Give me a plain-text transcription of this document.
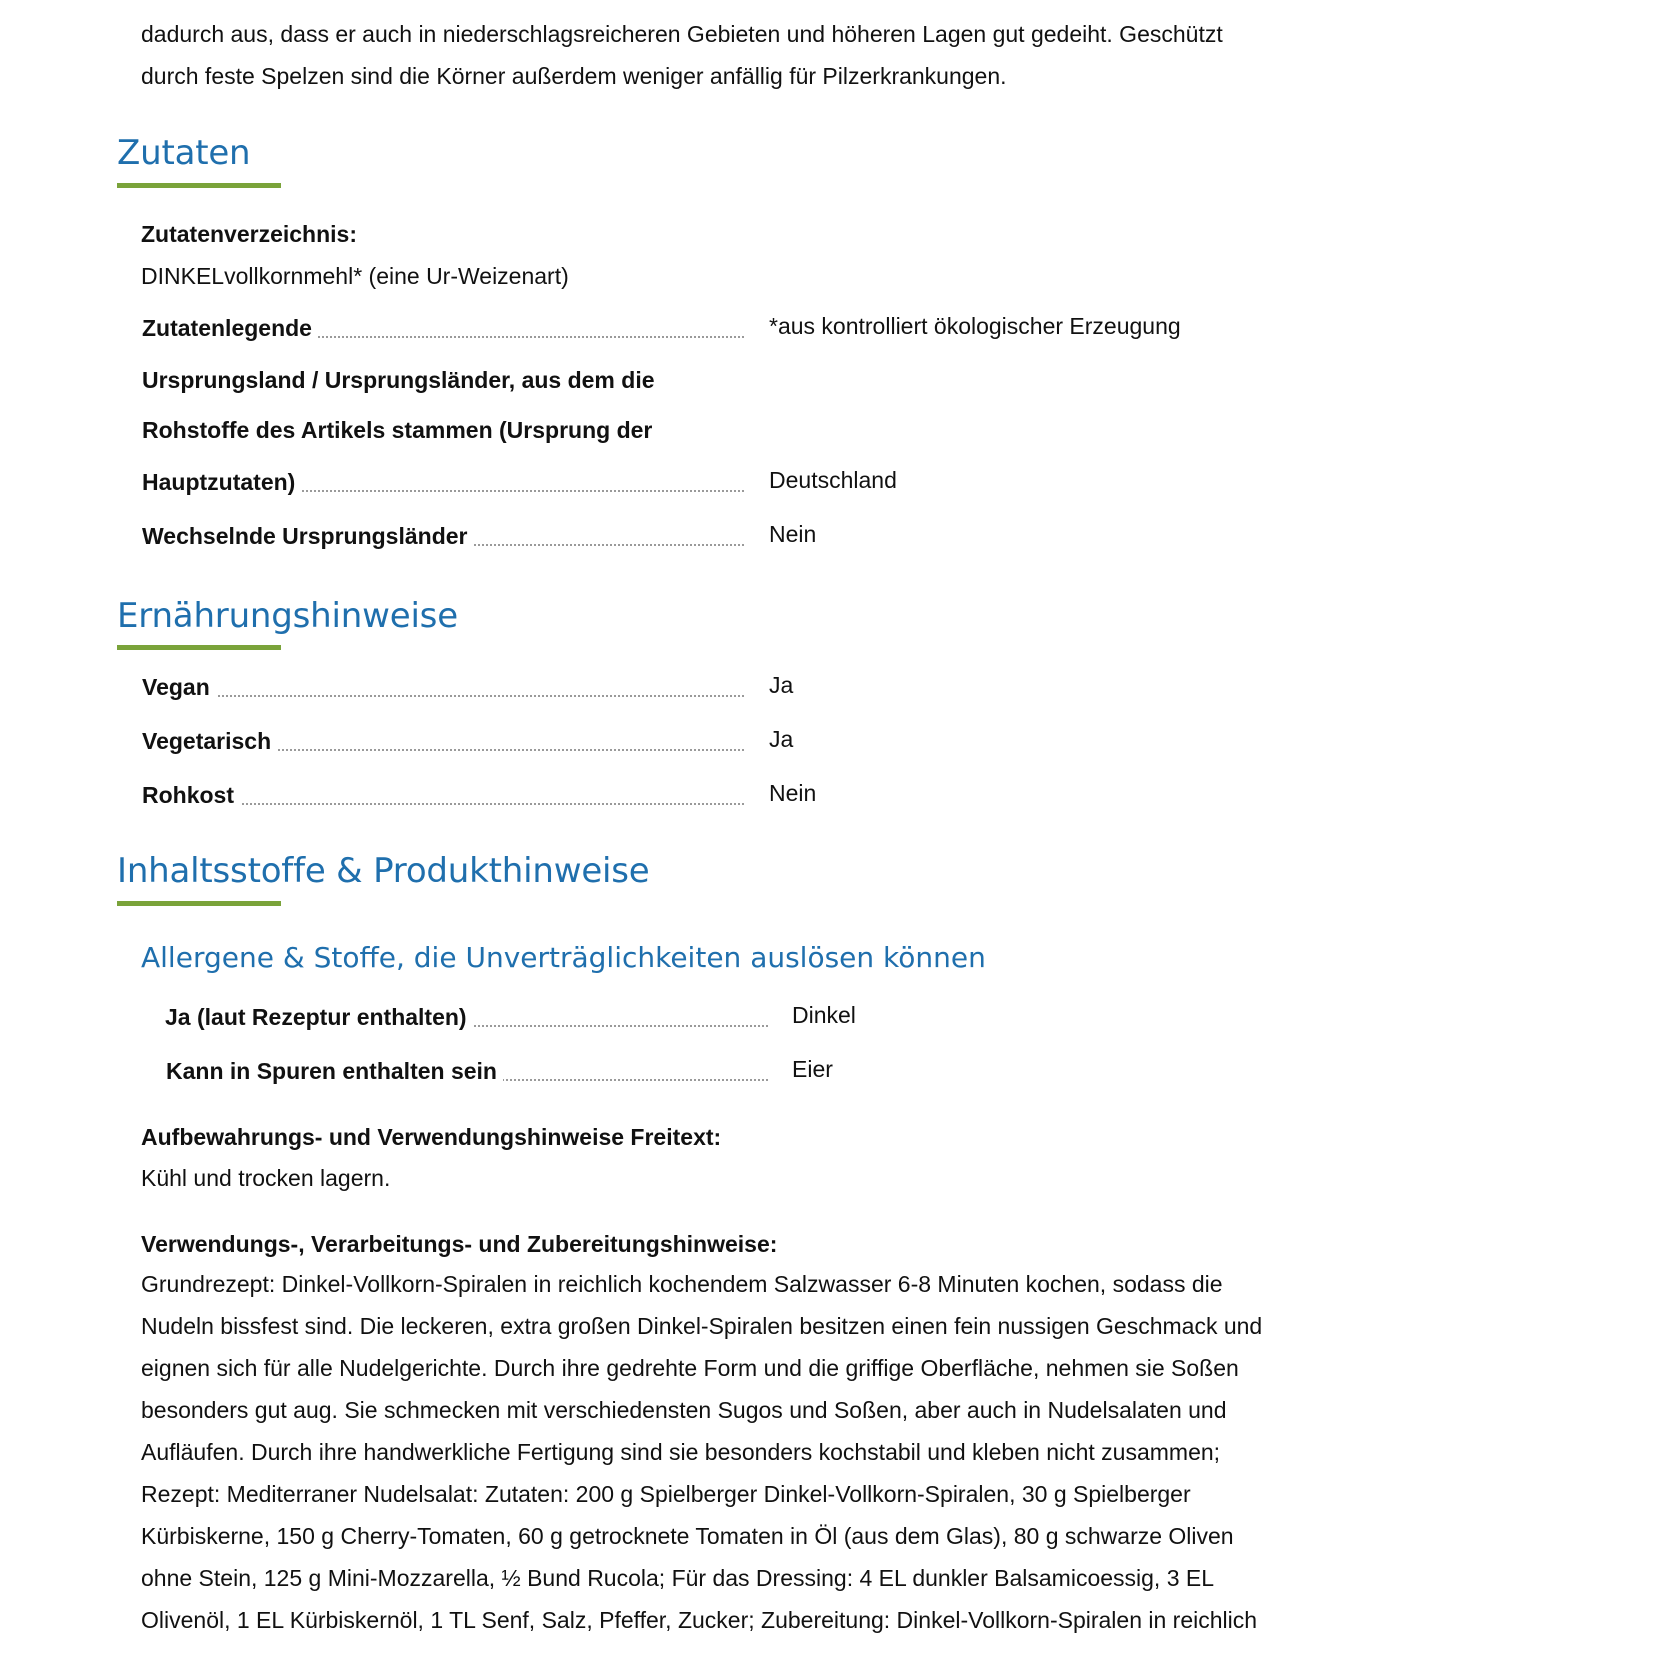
dadurch aus, dass er auch in niederschlagsreicheren Gebieten und höheren Lagen gut gedeiht. Geschützt
durch feste Spelzen sind die Körner außerdem weniger anfällig für Pilzerkrankungen.

Zutaten
Zutatenverzeichnis:
DINKELvollkornmehl* (eine Ur-Weizenart)
Zutatenlegende	*aus kontrolliert ökologischer Erzeugung
Ursprungsland / Ursprungsländer, aus dem die
Rohstoffe des Artikels stammen (Ursprung der
Hauptzutaten)	Deutschland
Wechselnde Ursprungsländer	Nein
Ernährungshinweise
Vegan	Ja
Vegetarisch	Ja
Rohkost	Nein
Inhaltsstoffe & Produkthinweise
Allergene & Stoffe, die Unverträglichkeiten auslösen können
Ja (laut Rezeptur enthalten)	Dinkel
Kann in Spuren enthalten sein	Eier
Aufbewahrungs- und Verwendungshinweise Freitext:
Kühl und trocken lagern.
Verwendungs-, Verarbeitungs- und Zubereitungshinweise:
Grundrezept: Dinkel-Vollkorn-Spiralen in reichlich kochendem Salzwasser 6-8 Minuten kochen, sodass die
Nudeln bissfest sind. Die leckeren, extra großen Dinkel-Spiralen besitzen einen fein nussigen Geschmack und
eignen sich für alle Nudelgerichte. Durch ihre gedrehte Form und die griffige Oberfläche, nehmen sie Soßen
besonders gut aug. Sie schmecken mit verschiedensten Sugos und Soßen, aber auch in Nudelsalaten und
Aufläufen. Durch ihre handwerkliche Fertigung sind sie besonders kochstabil und kleben nicht zusammen;
Rezept: Mediterraner Nudelsalat: Zutaten: 200 g Spielberger Dinkel-Vollkorn-Spiralen, 30 g Spielberger
Kürbiskerne, 150 g Cherry-Tomaten, 60 g getrocknete Tomaten in Öl (aus dem Glas), 80 g schwarze Oliven
ohne Stein, 125 g Mini-Mozzarella, ½ Bund Rucola; Für das Dressing: 4 EL dunkler Balsamicoessig, 3 EL
Olivenöl, 1 EL Kürbiskernöl, 1 TL Senf, Salz, Pfeffer, Zucker; Zubereitung: Dinkel-Vollkorn-Spiralen in reichlich
